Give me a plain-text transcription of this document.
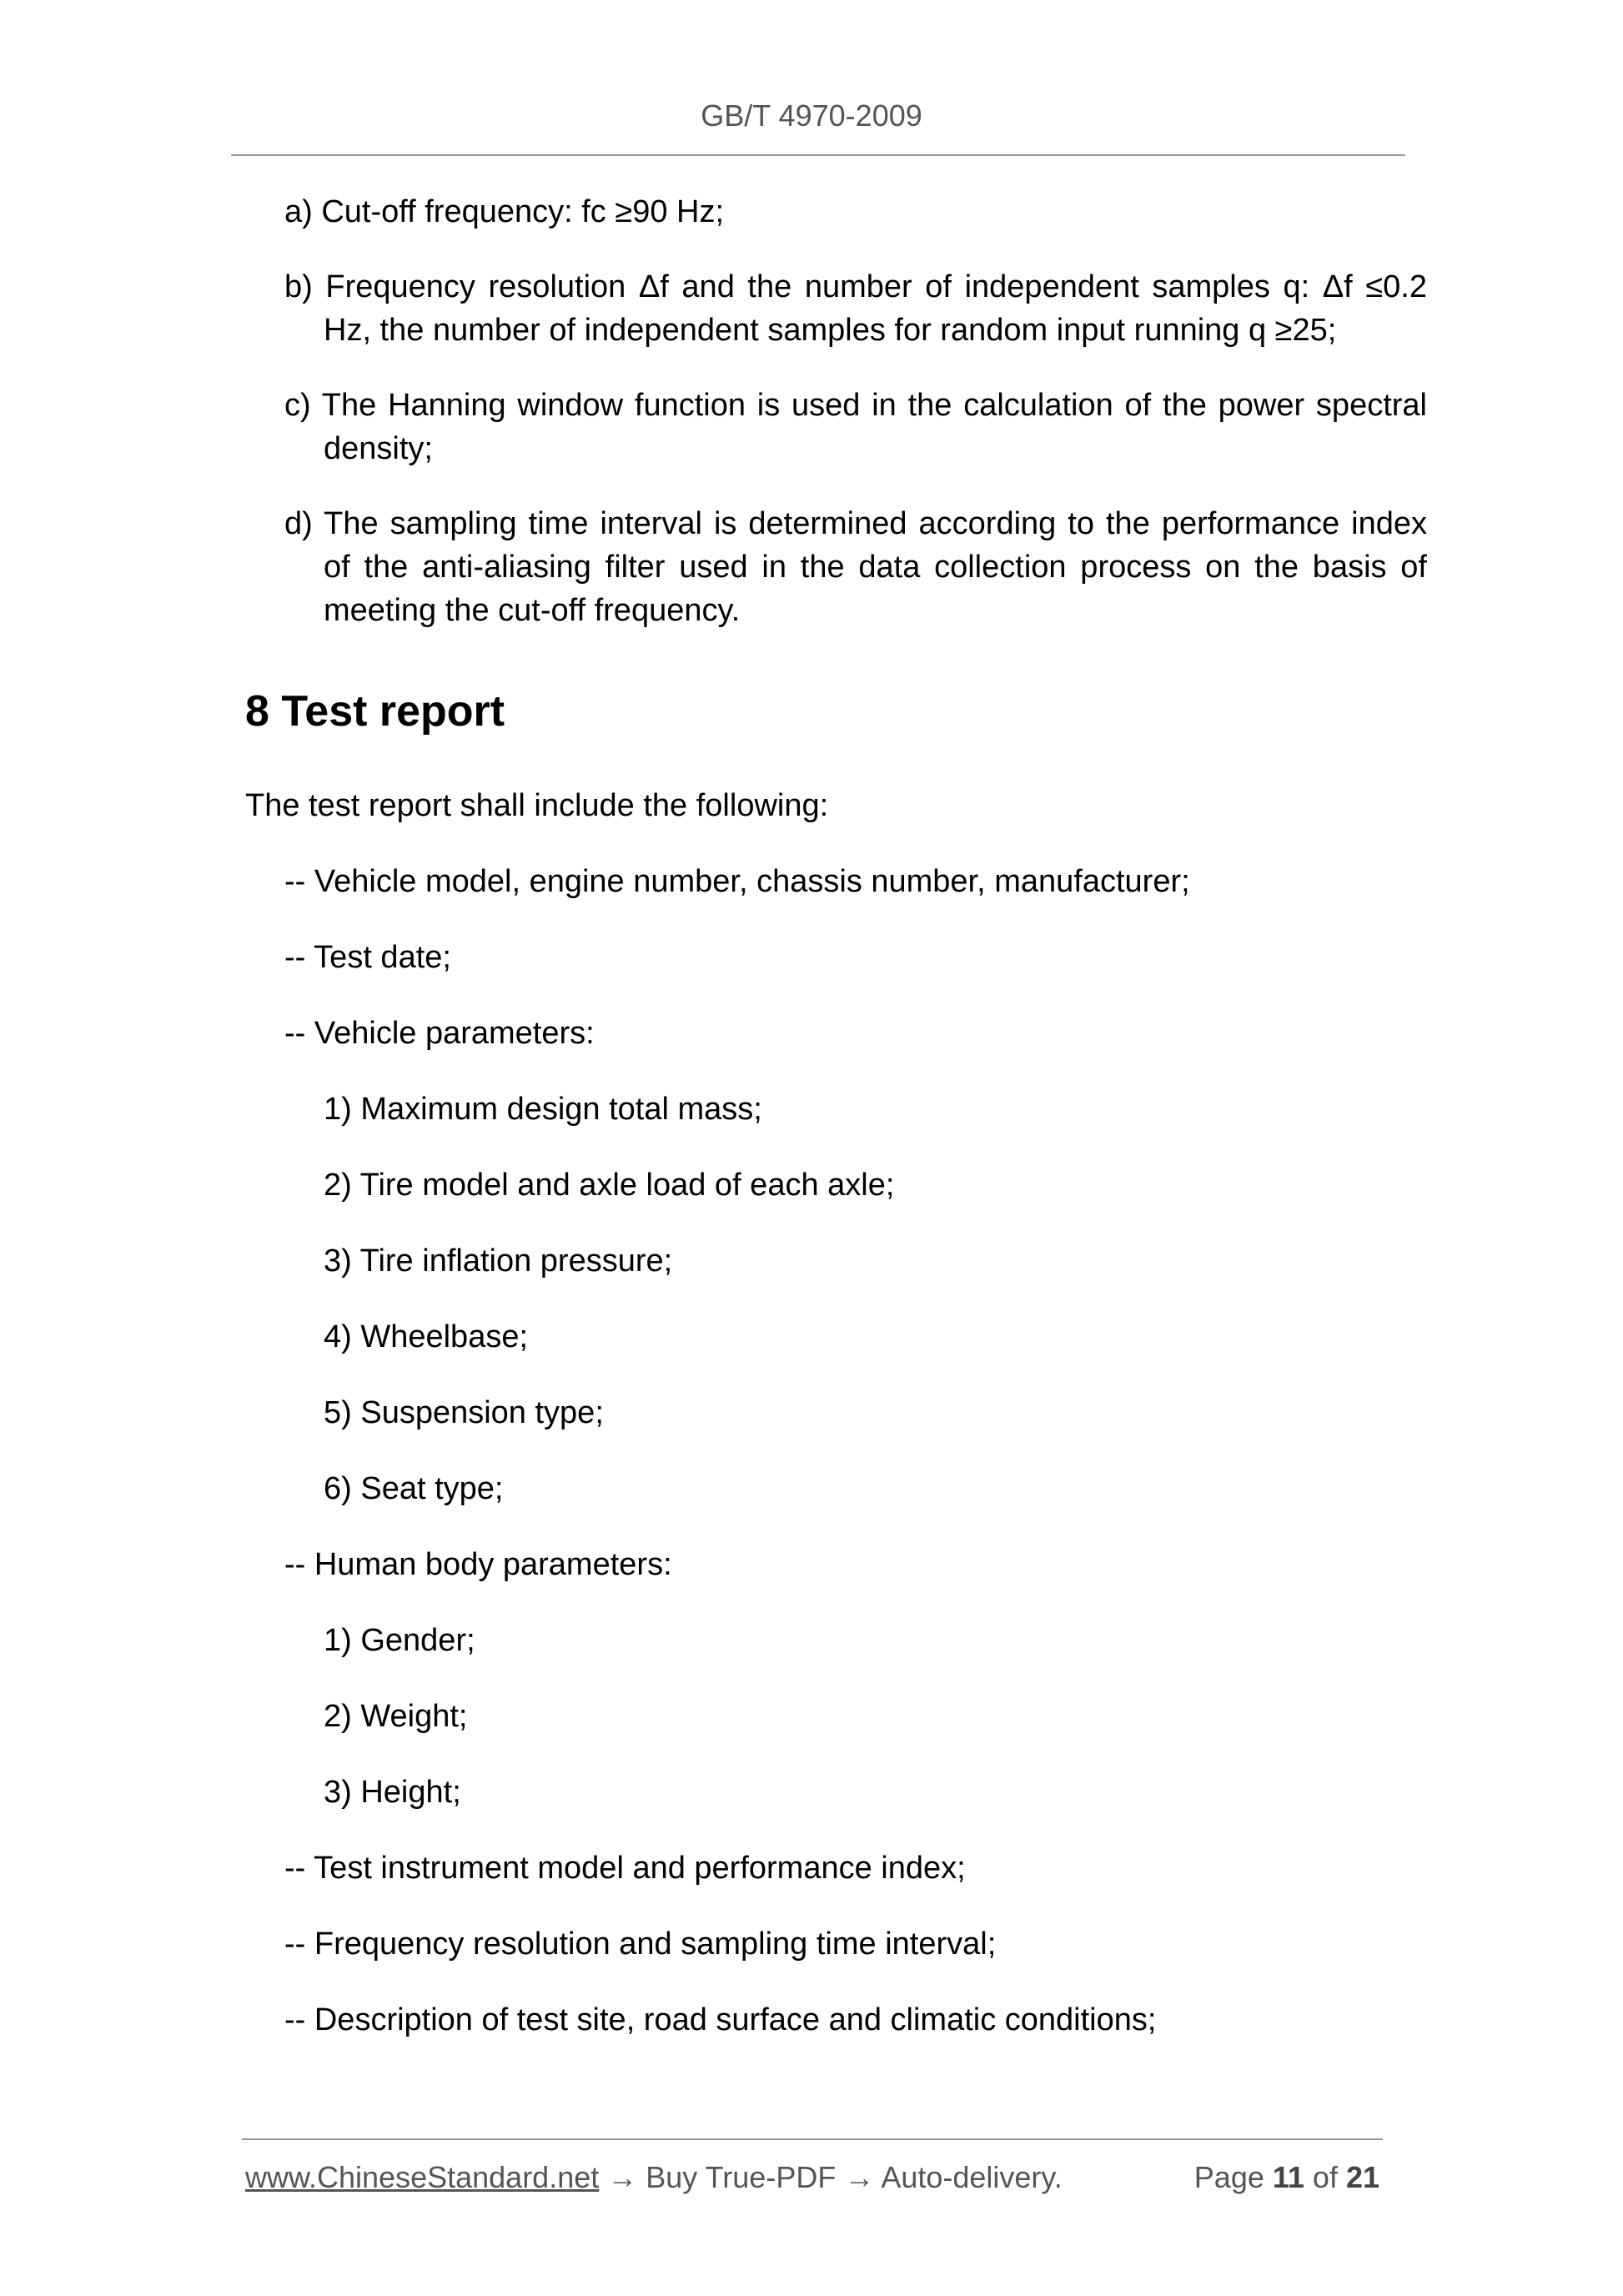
GB/T 4970-2009
a) Cut-off frequency: fc ≥90 Hz;
b) Frequency resolution Δf and the number of independent samples q: Δf ≤0.2 Hz, the number of independent samples for random input running q ≥25;
c) The Hanning window function is used in the calculation of the power spectral density;
d) The sampling time interval is determined according to the performance index of the anti-aliasing filter used in the data collection process on the basis of meeting the cut-off frequency.
8 Test report
The test report shall include the following:
-- Vehicle model, engine number, chassis number, manufacturer;
-- Test date;
-- Vehicle parameters:
1) Maximum design total mass;
2) Tire model and axle load of each axle;
3) Tire inflation pressure;
4) Wheelbase;
5) Suspension type;
6) Seat type;
-- Human body parameters:
1) Gender;
2) Weight;
3) Height;
-- Test instrument model and performance index;
-- Frequency resolution and sampling time interval;
-- Description of test site, road surface and climatic conditions;
www.ChineseStandard.net → Buy True-PDF → Auto-delivery.	Page 11 of 21
